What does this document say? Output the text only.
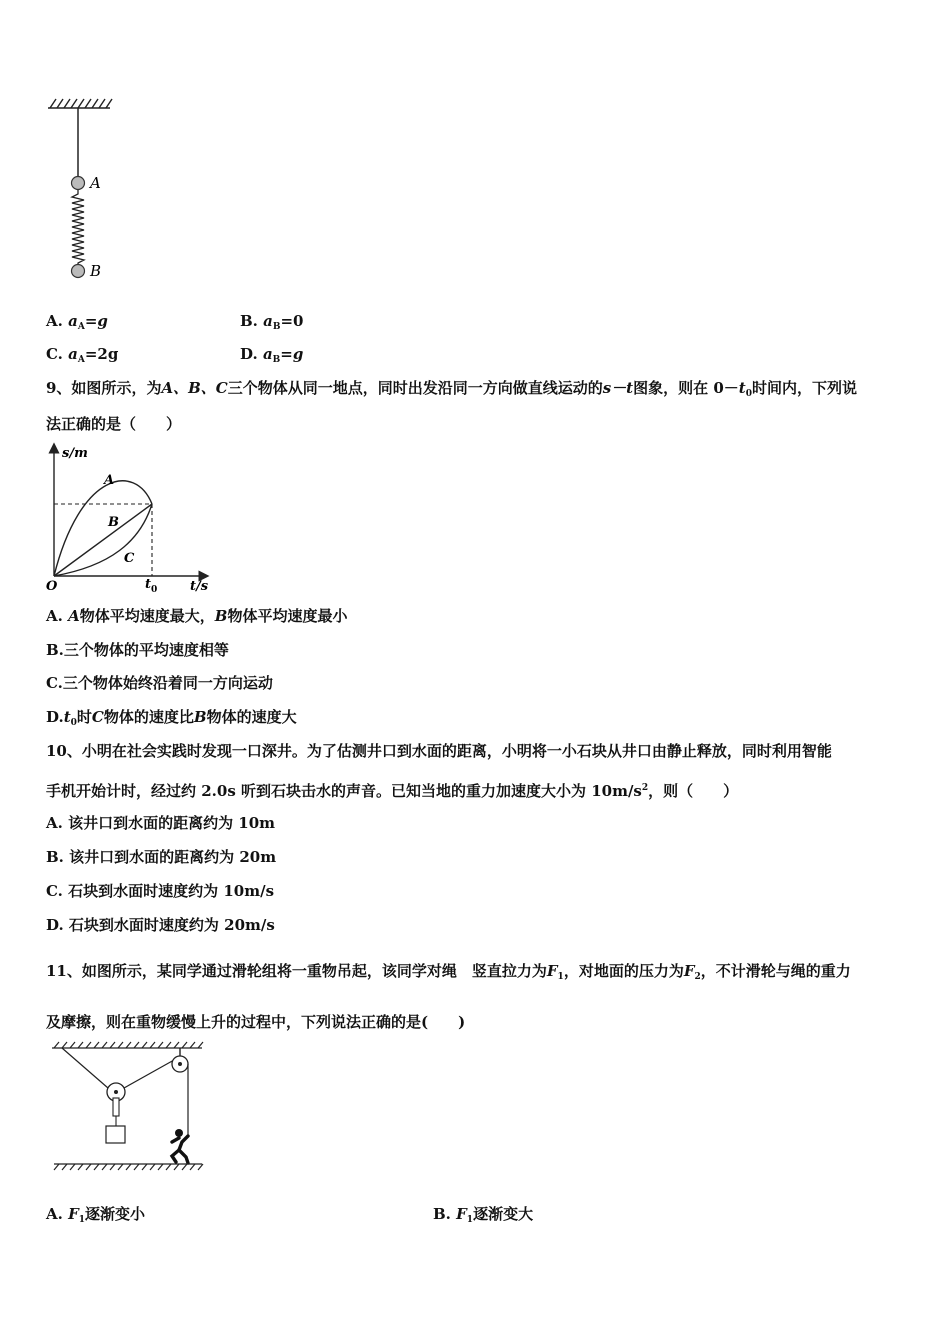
A
B
A. $a_A=g$	B. $a_B=0$
C. $a_A=2g$	D. $a_B=g$
9、如图所示，为A、B、C三个物体从同一地点，同时出发沿同一方向做直线运动的s－t图象，则在 $0-t_0$时间内，下列说
法正确的是（　　）
s/m
t/s
O	$t_0$
A
B
C
A. A物体平均速度最大，B物体平均速度最小
B.三个物体的平均速度相等
C.三个物体始终沿着同一方向运动
$D.t_0$时C物体的速度比B物体的速度大
10、小明在社会实践时发现一口深井。为了估测井口到水面的距离，小明将一小石块从井口由静止释放，同时利用智能
手机开始计时，经过约 2.0s 听到石块击水的声音。已知当地的重力加速度大小为 $10m/s^2$，则（　　）
A. 该井口到水面的距离约为 10m
B. 该井口到水面的距离约为 20m
C. 石块到水面时速度约为 10m/s
D. 石块到水面时速度约为 20m/s
11、如图所示，某同学通过滑轮组将一重物吊起，该同学对绳　竖直拉力为$F_1$，对地面的压力为$F_2$，不计滑轮与绳的重力
及摩擦，则在重物缓慢上升的过程中，下列说法正确的是(　　)
A. $F_1$逐渐变小	B. $F_1$逐渐变大
